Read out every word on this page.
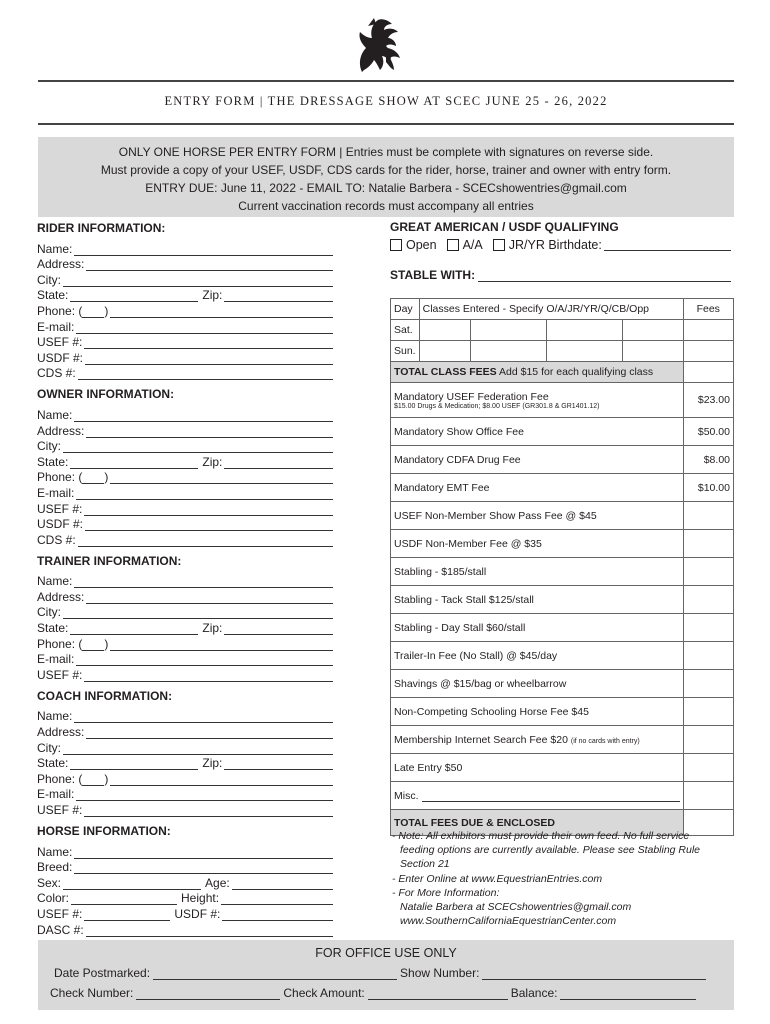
ENTRY FORM | THE DRESSAGE SHOW AT SCEC JUNE 25 - 26, 2022
ONLY ONE HORSE PER ENTRY FORM | Entries must be complete with signatures on reverse side.
Must provide a copy of your USEF, USDF, CDS cards for the rider, horse, trainer and owner with entry form.
ENTRY DUE: June 11, 2022 - EMAIL TO: Natalie Barbera - SCECshowentries@gmail.com
Current vaccination records must accompany all entries
RIDER INFORMATION:
Name:
Address:
City:
State:	Zip:
Phone: ( )
E-mail:
USEF #:
USDF #:
CDS #:
OWNER INFORMATION:
Name:
Address:
City:
State:	Zip:
Phone: ( )
E-mail:
USEF #:
USDF #:
CDS #:
TRAINER INFORMATION:
Name:
Address:
City:
State:	Zip:
Phone: ( )
E-mail:
USEF #:
COACH INFORMATION:
Name:
Address:
City:
State:	Zip:
Phone: ( )
E-mail:
USEF #:
HORSE INFORMATION:
Name:
Breed:
Sex:	Age:
Color:	Height:
USEF #:	USDF #:
DASC #:
GREAT AMERICAN / USDF QUALIFYING
Open A/A JR/YR Birthdate:
STABLE WITH:
Day	Classes Entered - Specify O/A/JR/YR/Q/CB/Opp				Fees
Sat.					
Sun.					
TOTAL CLASS FEES Add $15 for each qualifying class					

Mandatory USEF Federation Fee
$15.00 Drugs & Medication; $8.00 USEF (GR301.8 & GR1401.12)					$23.00
Mandatory Show Office Fee					$50.00
Mandatory CDFA Drug Fee					$8.00
Mandatory EMT Fee					$10.00
USEF Non-Member Show Pass Fee @ $45					
USDF Non-Member Fee @ $35					
Stabling - $185/stall					
Stabling - Tack Stall $125/stall					
Stabling - Day Stall $60/stall					
Trailer-In Fee (No Stall) @ $45/day					
Shavings @ $15/bag or wheelbarrow					
Non-Competing Schooling Horse Fee $45					
Membership Internet Search Fee $20 (if no cards with entry)					
Late Entry $50					

Misc.					

TOTAL FEES DUE & ENCLOSED					
- Note: All exhibitors must provide their own feed. No full service
feeding options are currently available. Please see Stabling Rule
Section 21
- Enter Online at www.EquestrianEntries.com
- For More Information:
Natalie Barbera at SCECshowentries@gmail.com
www.SouthernCaliforniaEquestrianCenter.com
FOR OFFICE USE ONLY
Date Postmarked:	Show Number:
Check Number:	Check Amount:	Balance:
